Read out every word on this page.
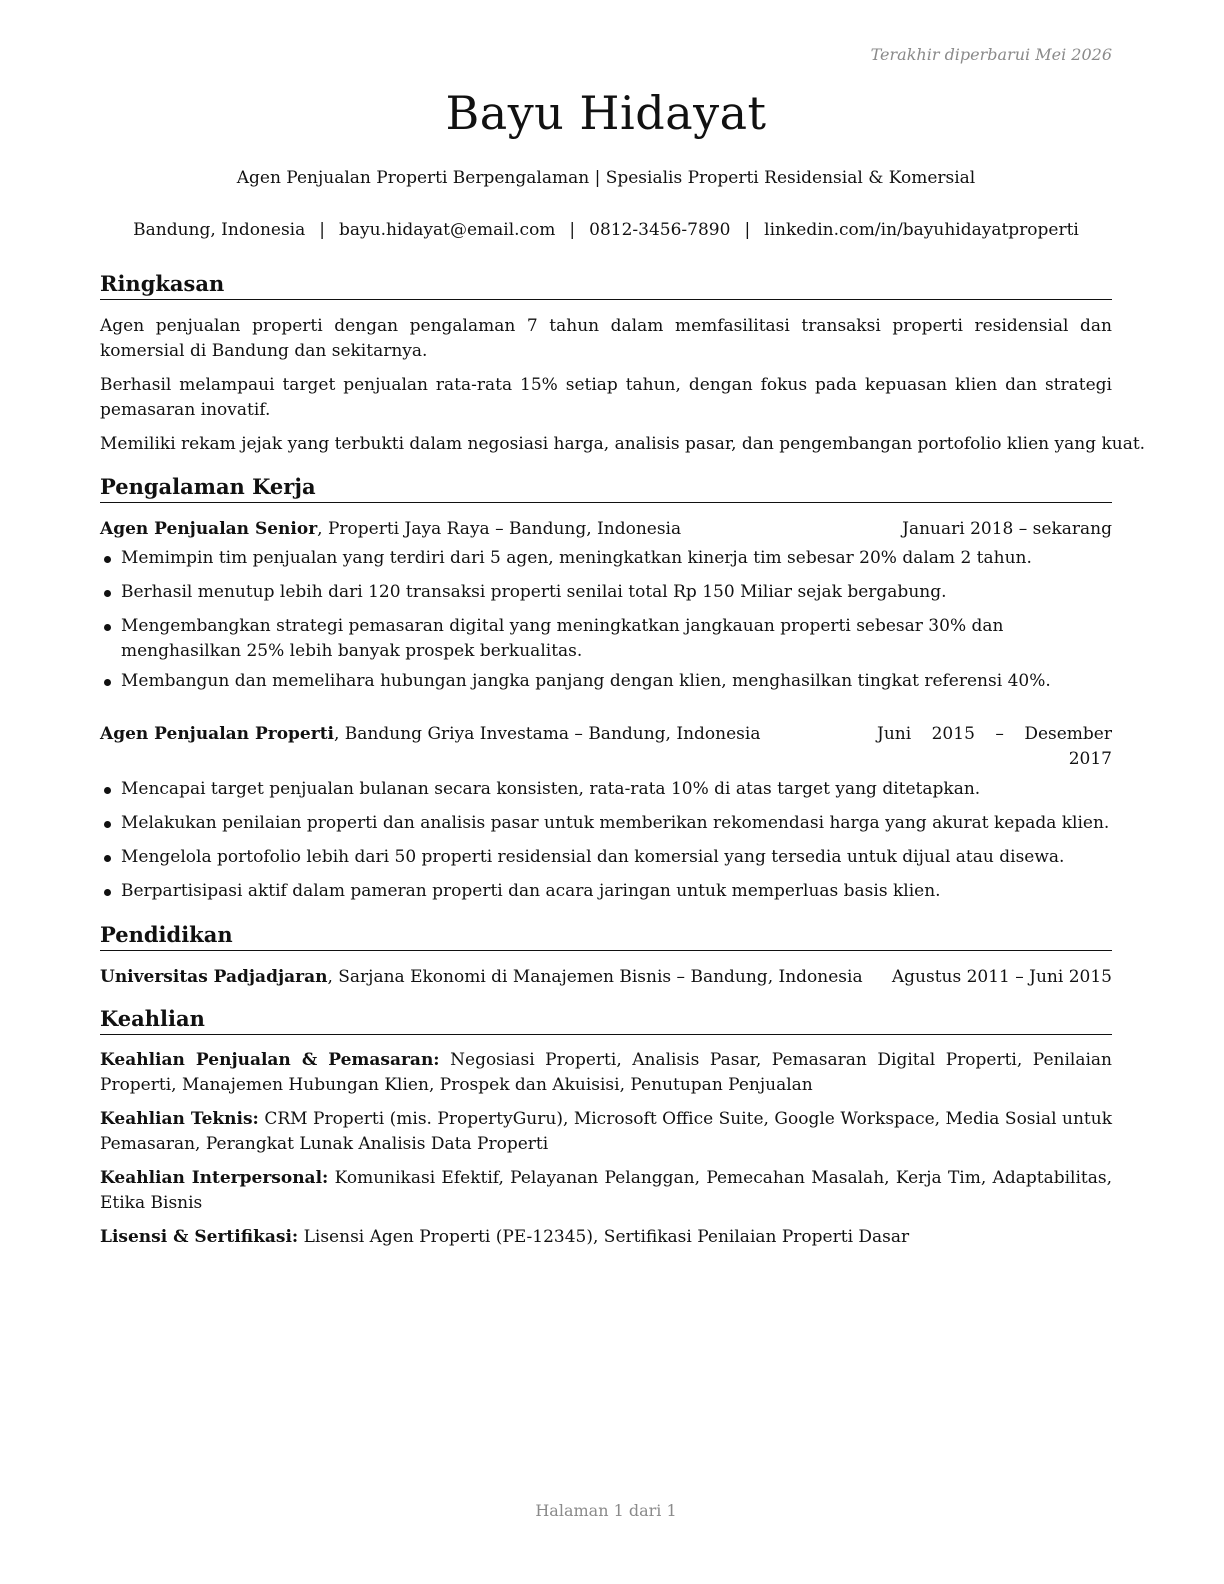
Terakhir diperbarui Mei 2026
Bayu Hidayat
Agen Penjualan Properti Berpengalaman | Spesialis Properti Residensial & Komersial
Bandung, Indonesia | bayu.hidayat@email.com | 0812-3456-7890 | linkedin.com/in/bayuhidayatproperti
Ringkasan

Agen penjualan properti dengan pengalaman 7 tahun dalam memfasilitasi transaksi properti residensial dan komersial di Bandung dan sekitarnya.

Berhasil melampaui target penjualan rata-rata 15% setiap tahun, dengan fokus pada kepuasan klien dan strategi pemasaran inovatif.

Memiliki rekam jejak yang terbukti dalam negosiasi harga, analisis pasar, dan pengembangan portofolio klien yang kuat.

Pengalaman Kerja
Agen Penjualan Senior, Properti Jaya Raya – Bandung, Indonesia	Januari 2018 – sekarang
Memimpin tim penjualan yang terdiri dari 5 agen, meningkatkan kinerja tim sebesar 20% dalam 2 tahun.
Berhasil menutup lebih dari 120 transaksi properti senilai total Rp 150 Miliar sejak bergabung.
Mengembangkan strategi pemasaran digital yang meningkatkan jangkauan properti sebesar 30% dan menghasilkan 25% lebih banyak prospek berkualitas.
Membangun dan memelihara hubungan jangka panjang dengan klien, menghasilkan tingkat referensi 40%.
Agen Penjualan Properti, Bandung Griya Investama – Bandung, Indonesia	Juni 2015 – Desember 2017
Mencapai target penjualan bulanan secara konsisten, rata-rata 10% di atas target yang ditetapkan.
Melakukan penilaian properti dan analisis pasar untuk memberikan rekomendasi harga yang akurat kepada klien.
Mengelola portofolio lebih dari 50 properti residensial dan komersial yang tersedia untuk dijual atau disewa.
Berpartisipasi aktif dalam pameran properti dan acara jaringan untuk memperluas basis klien.
Pendidikan
Universitas Padjadjaran, Sarjana Ekonomi di Manajemen Bisnis – Bandung, Indonesia Agustus 2011 – Juni 2015
Keahlian

Keahlian Penjualan & Pemasaran: Negosiasi Properti, Analisis Pasar, Pemasaran Digital Properti, Penilaian Properti, Manajemen Hubungan Klien, Prospek dan Akuisisi, Penutupan Penjualan

Keahlian Teknis: CRM Properti (mis. PropertyGuru), Microsoft Office Suite, Google Workspace, Media Sosial untuk Pemasaran, Perangkat Lunak Analisis Data Properti

Keahlian Interpersonal: Komunikasi Efektif, Pelayanan Pelanggan, Pemecahan Masalah, Kerja Tim, Adaptabilitas, Etika Bisnis

Lisensi & Sertifikasi: Lisensi Agen Properti (PE-12345), Sertifikasi Penilaian Properti Dasar

Halaman 1 dari 1
